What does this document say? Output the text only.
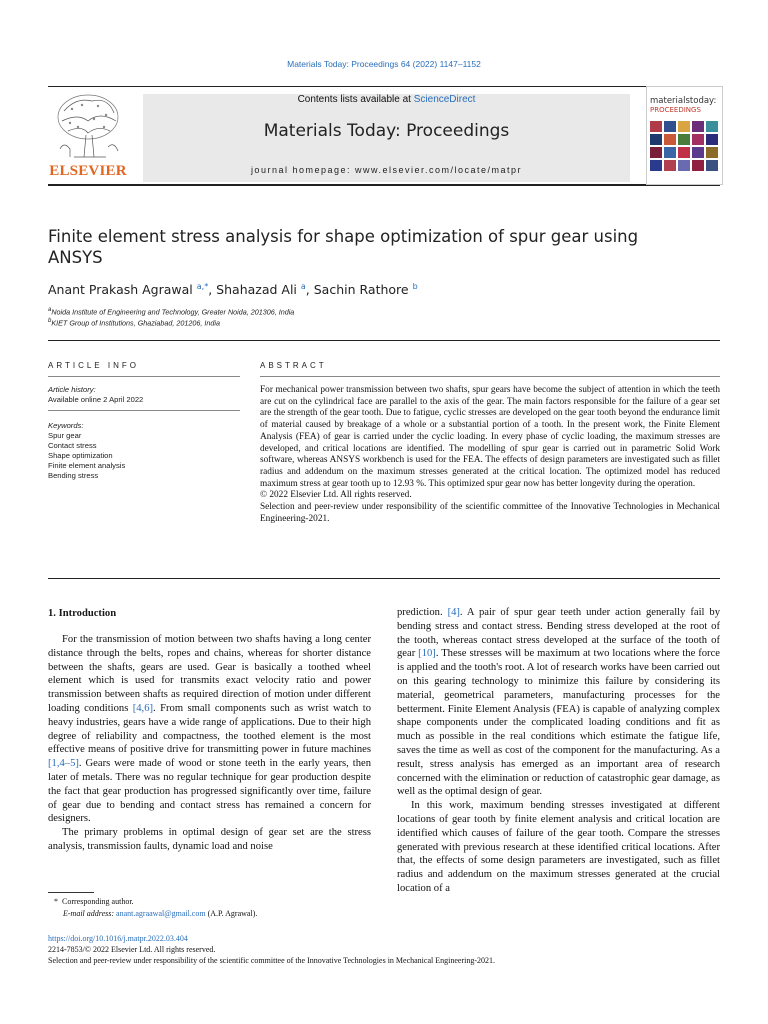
Materials Today: Proceedings 64 (2022) 1147–1152
Contents lists available at ScienceDirect
Materials Today: Proceedings
journal homepage: www.elsevier.com/locate/matpr
ELSEVIER
materialstoday:
PROCEEDINGS
Finite element stress analysis for shape optimization of spur gear using ANSYS
Anant Prakash Agrawal $^{a,*}$, Shahazad Ali $^a$, Sachin Rathore $^b$
$^a$Noida Institute of Engineering and Technology, Greater Noida, 201306, India
$^b$KIET Group of Institutions, Ghaziabad, 201206, India
ARTICLE INFO
Article history:
Available online 2 April 2022
Keywords:
Spur gear
Contact stress
Shape optimization
Finite element analysis
Bending stress
ABSTRACT

For mechanical power transmission between two shafts, spur gears have become the subject of attention in which the teeth are cut on the cylindrical face are parallel to the axis of the gear. The main factors responsible for the failure of a gear set are the strength of the gear tooth. Due to fatigue, cyclic stresses are developed on the gear tooth beyond the endurance limit of material caused by breakage of a whole or a substantial portion of a tooth. In the present work, the Finite Element Analysis (FEA) of gear is carried under the cyclic loading. In every phase of cyclic loading, the maximum stresses are developed, and critical locations are identified. The modelling of spur gear is carried out in parametric Solid Work software, whereas ANSYS workbench is used for the FEA. The effects of design parameters are investigated such as fillet radius and addendum on the maximum stresses generated at the critical location. The optimized model has reduced maximum stress at gear tooth up to 12.93 %. This optimized spur gear now has better longevity during the operation.

© 2022 Elsevier Ltd. All rights reserved.

Selection and peer-review under responsibility of the scientific committee of the Innovative Technologies in Mechanical Engineering-2021.

1. Introduction

For the transmission of motion between two shafts having a long center distance through the belts, ropes and chains, whereas for shorter distance between the shafts, gears are used. Gear is basically a toothed wheel element which is used for transmits exact velocity ratio and power transmission between shafts as required direction of motion under different loading conditions [4,6]. From small components such as wrist watch to heavy industries, gears have a wide range of applications. Due to their high degree of reliability and compactness, the toothed element is the most effective means of positive drive for transmitting power in future machines [1,4–5]. Gears were made of wood or stone teeth in the early years, then later of metals. There was no regular technique for gear production despite the fact that gear production has progressed significantly over time, failure of gear due to bending and contact stress has remained a concern for designers.

The primary problems in optimal design of gear set are the stress analysis, transmission faults, dynamic load and noise

prediction. [4]. A pair of spur gear teeth under action generally fail by bending stress and contact stress. Bending stress developed at the root of the tooth, whereas contact stress developed at the surface of the tooth of gear [10]. These stresses will be maximum at two locations where the force is applied and the tooth's root. A lot of research works have been carried out on this gearing technology to minimize this failure by considering its material, geometrical parameters, manufacturing processes for the betterment. Finite Element Analysis (FEA) is capable of analyzing complex shape components under the complicated loading conditions and fit as much as possible in the real conditions which estimate the fatigue life, saves the time as well as cost of the component for the manufacturing. As a result, stress analysis has emerged as an important area of research concerned with the elimination or reduction of catastrophic gear damage, as well as the optimal design of gear.

In this work, maximum bending stresses investigated at different locations of gear tooth by finite element analysis and critical location are identified which causes of failure of the gear tooth. Compare the stresses generated with previous research at these identified critical locations. After that, the effects of some design parameters are investigated, such as fillet radius and addendum on the maximum stresses generated at the crucial location of a

*  Corresponding author.
E-mail address: anant.agraawal@gmail.com (A.P. Agrawal).
https://doi.org/10.1016/j.matpr.2022.03.404
2214-7853/© 2022 Elsevier Ltd. All rights reserved.
Selection and peer-review under responsibility of the scientific committee of the Innovative Technologies in Mechanical Engineering-2021.
